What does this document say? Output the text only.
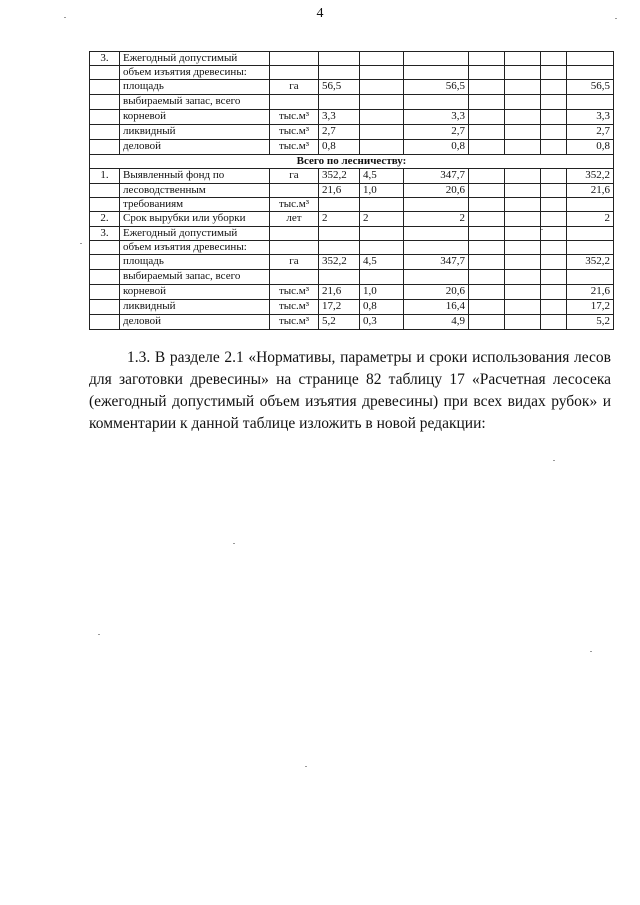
4
3.	Ежегодный допустимый								
	объем изъятия древесины:								
	площадь	га	56,5		56,5				56,5
	выбираемый запас, всего								
	корневой	тыс.м³	3,3		3,3				3,3
	ликвидный	тыс.м³	2,7		2,7				2,7
	деловой	тыс.м³	0,8		0,8				0,8
Всего по лесничеству:									
1.	Выявленный фонд по	га	352,2	4,5	347,7				352,2
	лесоводственным		21,6	1,0	20,6				21,6
	требованиям	тыс.м³							
2.	Срок вырубки или уборки	лет	2	2	2				2
3.	Ежегодный допустимый								
	объем изъятия древесины:								
	площадь	га	352,2	4,5	347,7				352,2
	выбираемый запас, всего								
	корневой	тыс.м³	21,6	1,0	20,6				21,6
	ликвидный	тыс.м³	17,2	0,8	16,4				17,2
	деловой	тыс.м³	5,2	0,3	4,9				5,2
1.3. В разделе 2.1 «Нормативы, параметры и сроки использования лесов для заготовки древесины» на странице 82 таблицу 17 «Расчетная лесосека (ежегодный допустимый объем изъятия древесины) при всех видах рубок» и комментарии к данной таблице изложить в новой редакции:
